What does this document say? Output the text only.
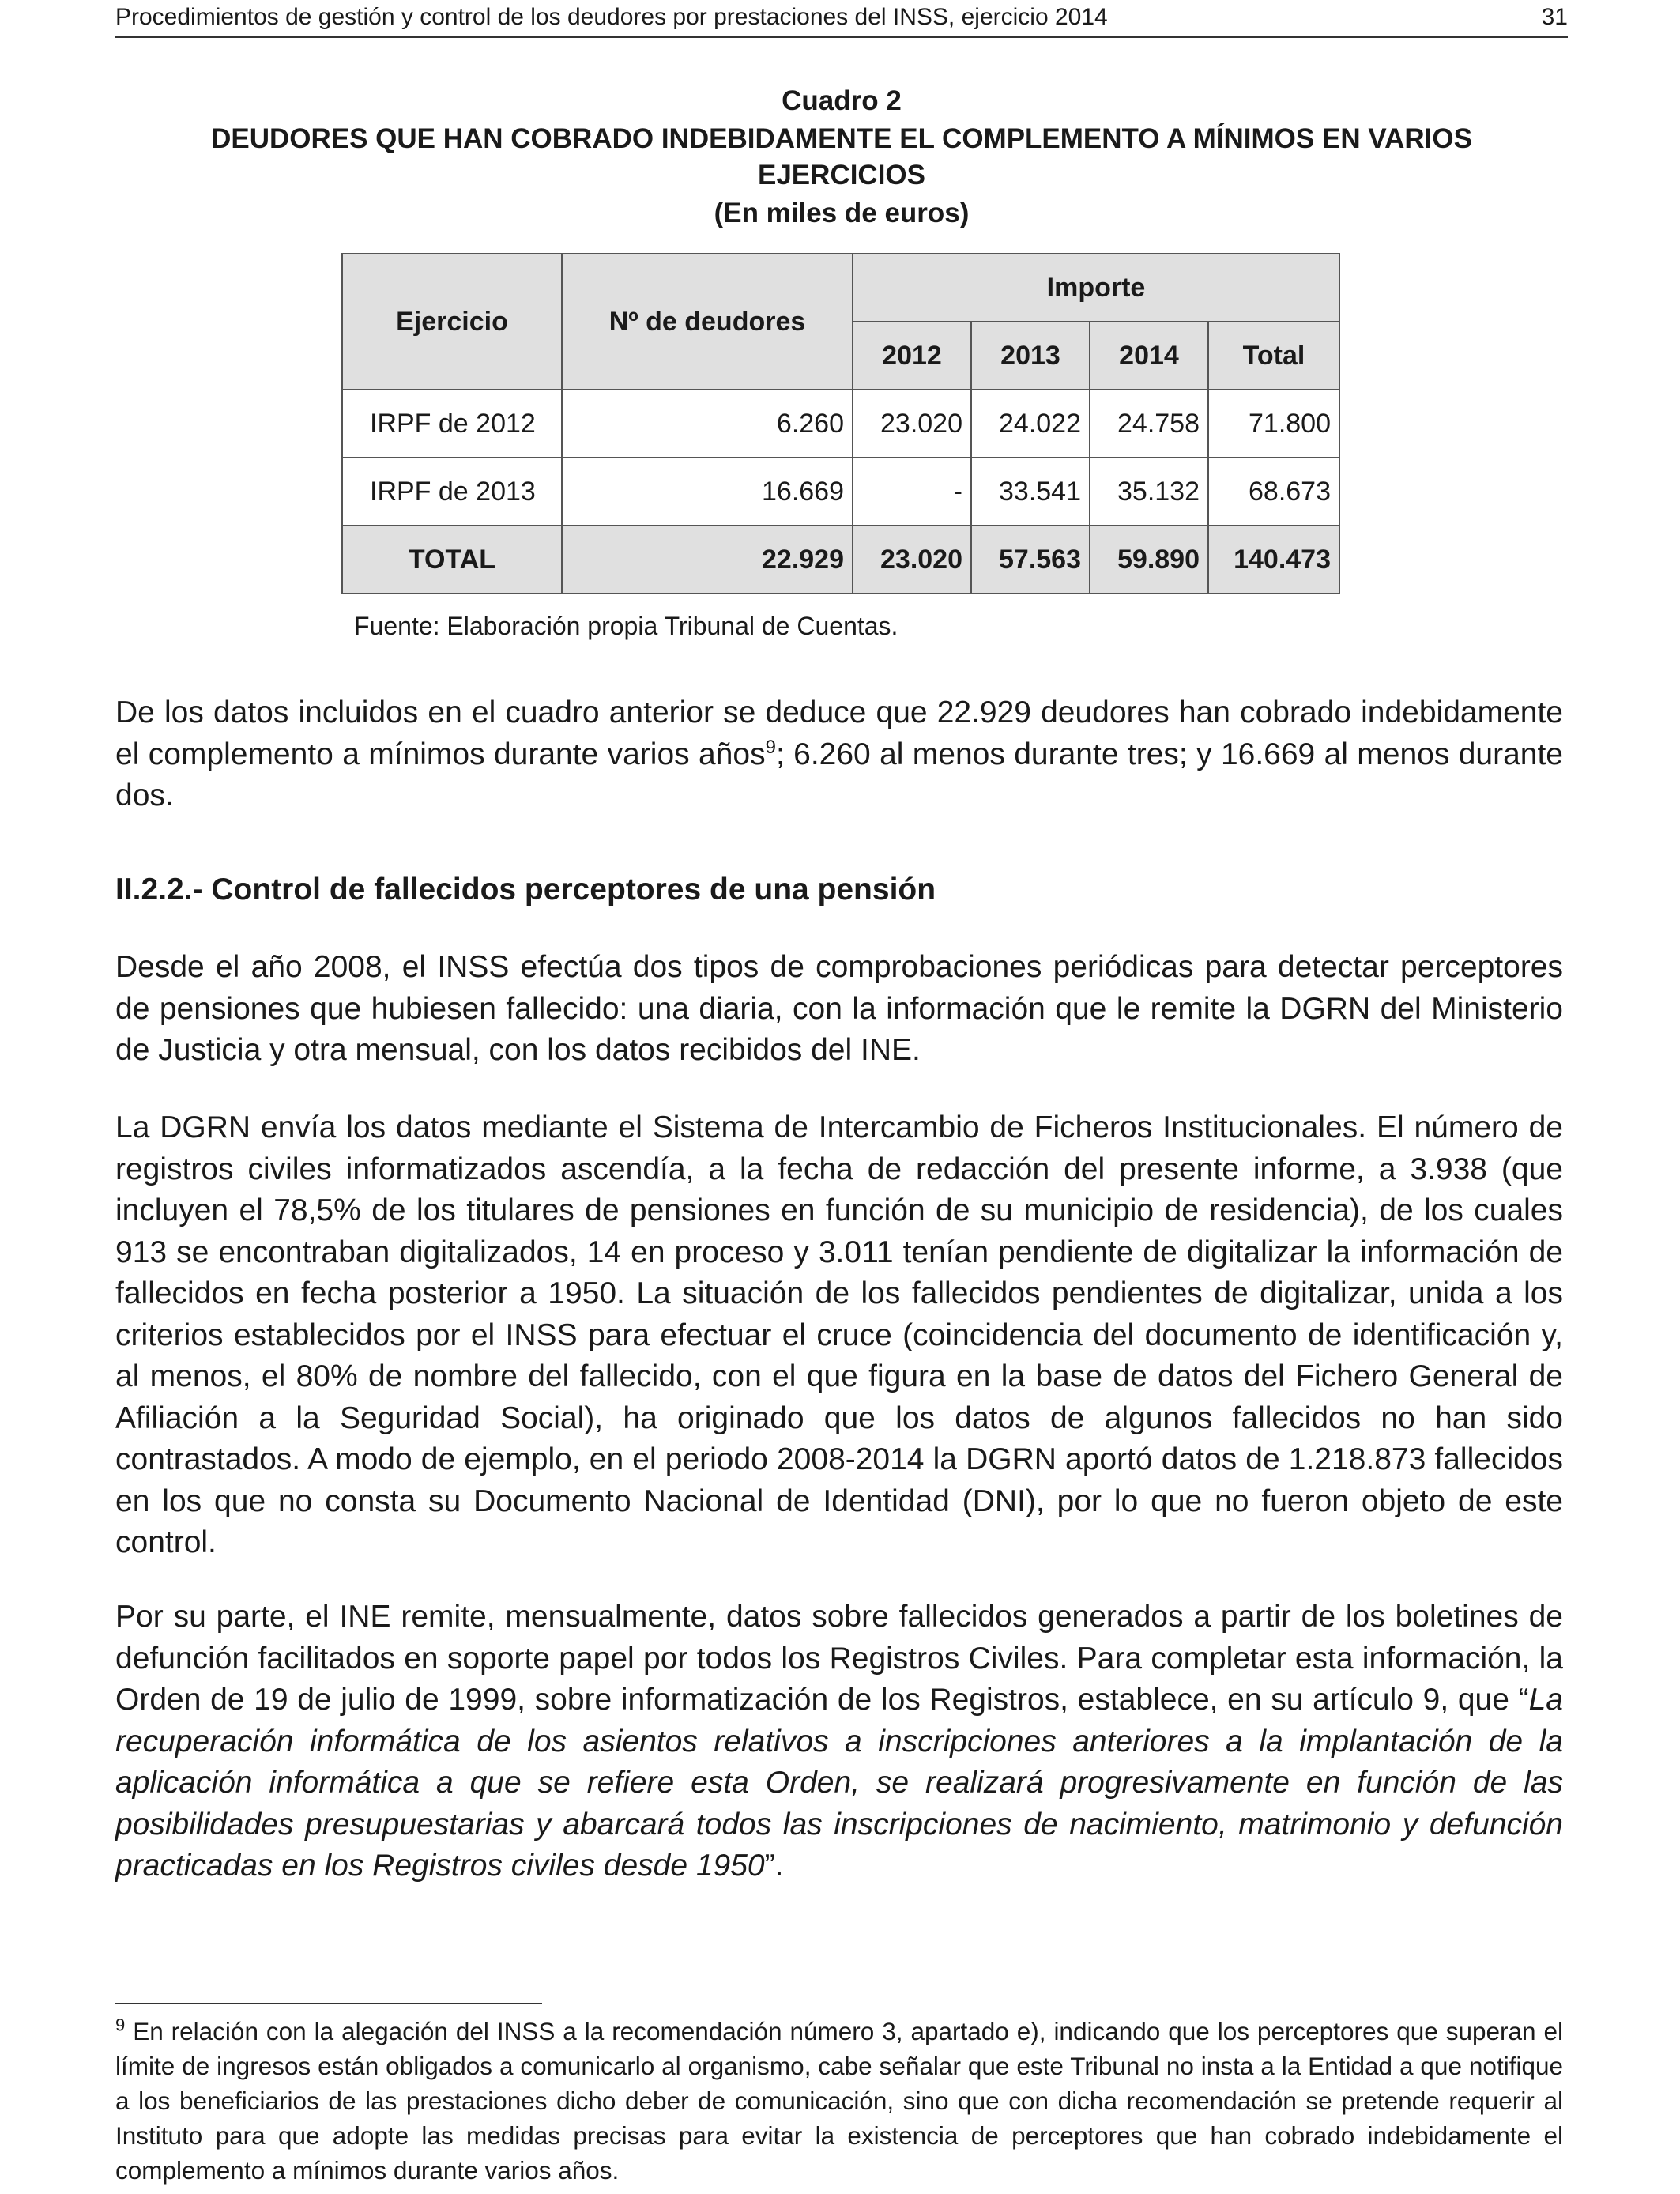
Procedimientos de gestión y control de los deudores por prestaciones del INSS, ejercicio 2014	31
Cuadro 2
DEUDORES QUE HAN COBRADO INDEBIDAMENTE EL COMPLEMENTO A MÍNIMOS EN VARIOS
EJERCICIOS
(En miles de euros)
Ejercicio	Nº de deudores	Importe			
		2012	2013	2014	Total
IRPF de 2012	6.260	23.020	24.022	24.758	71.800
IRPF de 2013	16.669	-	33.541	35.132	68.673
TOTAL	22.929	23.020	57.563	59.890	140.473
Fuente: Elaboración propia Tribunal de Cuentas.

De los datos incluidos en el cuadro anterior se deduce que 22.929 deudores han cobrado indebidamente el complemento a mínimos durante varios años$^9$; 6.260 al menos durante tres; y 16.669 al menos durante dos.

II.2.2.- Control de fallecidos perceptores de una pensión

Desde el año 2008, el INSS efectúa dos tipos de comprobaciones periódicas para detectar perceptores de pensiones que hubiesen fallecido: una diaria, con la información que le remite la DGRN del Ministerio de Justicia y otra mensual, con los datos recibidos del INE.

La DGRN envía los datos mediante el Sistema de Intercambio de Ficheros Institucionales. El número de registros civiles informatizados ascendía, a la fecha de redacción del presente informe, a 3.938 (que incluyen el 78,5% de los titulares de pensiones en función de su municipio de residencia), de los cuales 913 se encontraban digitalizados, 14 en proceso y 3.011 tenían pendiente de digitalizar la información de fallecidos en fecha posterior a 1950. La situación de los fallecidos pendientes de digitalizar, unida a los criterios establecidos por el INSS para efectuar el cruce (coincidencia del documento de identificación y, al menos, el 80% de nombre del fallecido, con el que figura en la base de datos del Fichero General de Afiliación a la Seguridad Social), ha originado que los datos de algunos fallecidos no han sido contrastados. A modo de ejemplo, en el periodo 2008-2014 la DGRN aportó datos de 1.218.873 fallecidos en los que no consta su Documento Nacional de Identidad (DNI), por lo que no fueron objeto de este control.

Por su parte, el INE remite, mensualmente, datos sobre fallecidos generados a partir de los boletines de defunción facilitados en soporte papel por todos los Registros Civiles. Para completar esta información, la Orden de 19 de julio de 1999, sobre informatización de los Registros, establece, en su artículo 9, que “La recuperación informática de los asientos relativos a inscripciones anteriores a la implantación de la aplicación informática a que se refiere esta Orden, se realizará progresivamente en función de las posibilidades presupuestarias y abarcará todos las inscripciones de nacimiento, matrimonio y defunción practicadas en los Registros civiles desde 1950”.

$^9$ En relación con la alegación del INSS a la recomendación número 3, apartado e), indicando que los perceptores que superan el límite de ingresos están obligados a comunicarlo al organismo, cabe señalar que este Tribunal no insta a la Entidad a que notifique a los beneficiarios de las prestaciones dicho deber de comunicación, sino que con dicha recomendación se pretende requerir al Instituto para que adopte las medidas precisas para evitar la existencia de perceptores que han cobrado indebidamente el complemento a mínimos durante varios años.
